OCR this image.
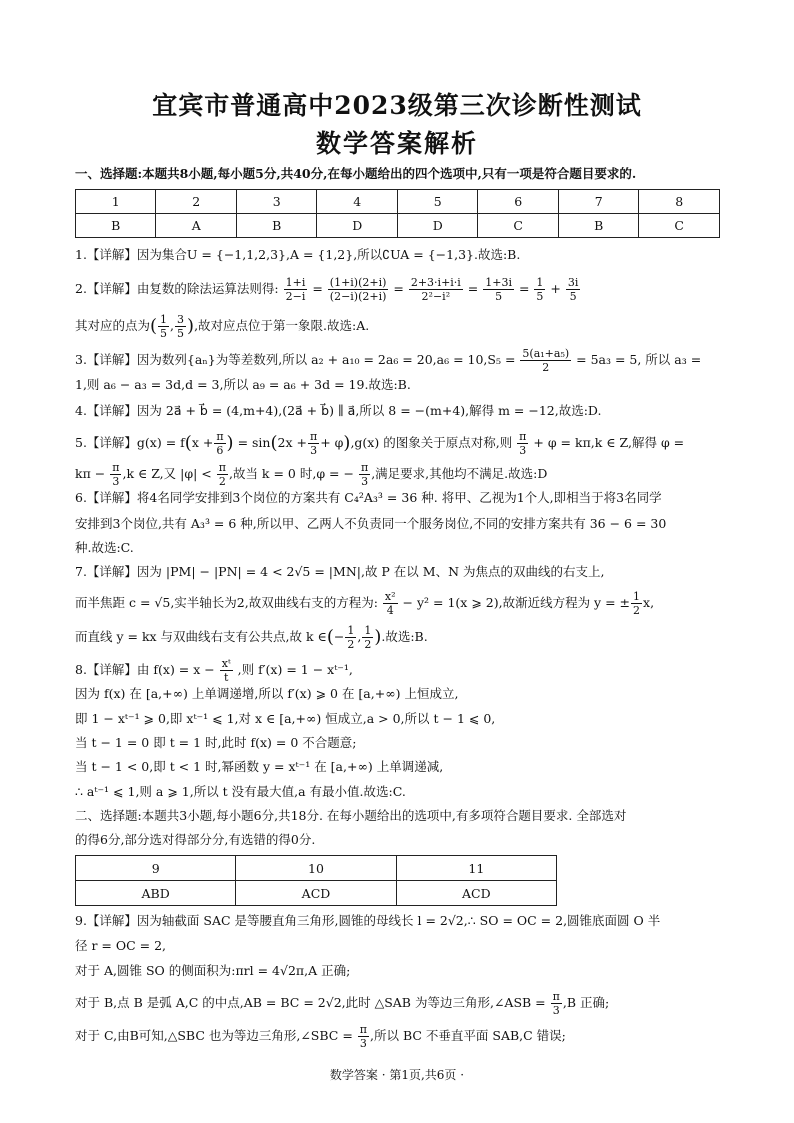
宜宾市普通高中2023级第三次诊断性测试
数学答案解析
一、选择题:本题共8小题,每小题5分,共40分,在每小题给出的四个选项中,只有一项是符合题目要求的.
1	2	3	4	5	6	7	8
B	A	B	D	D	C	B	C
1.【详解】因为集合U = {−1,1,2,3},A = {1,2},所以∁UA = {−1,3}.故选:B.
2.【详解】由复数的除法运算法则得: $\frac{1+i}{2-i} = \frac{(1+i)(2+i)}{(2-i)(2+i)} = \frac{2+3\cdot i+i\cdot i}{\text{2²−i²}} = \frac{1+3i}{5} = \frac{1}{5} + \frac{3i}{5}$
其对应的点为( $\frac{1}{5}$ , $\frac{3}{5}$ ),故对应点位于第一象限.故选:A.
3.【详解】因为数列{aₙ}为等差数列,所以 $a_2 + a_{10} = 2a_6 = 20,a_6 = 10,S_5 = \frac{\text{5(a₁+a₅)}}{2} = 5a_3 = 5$, 所以 a₃ =
1,则 a₆ − a₃ = 3d,d = 3,所以 a₉ = a₆ + 3d = 19.故选:B.
4.【详解】因为 2a⃗ + b⃗ = (4,m+4),(2a⃗ + b⃗) ∥ a⃗,所以 8 = −(m+4),解得 m = −12,故选:D.
5.【详解】$g(x) = f(x + \frac{\pi}{6}$ ) = $\sin(2x + \frac{\pi}{3} + \varphi),g(x)$ 的图象关于原点对称,则 $\frac{\pi}{3} + \varphi = k\pi,k$ ∈ Z,解得 φ =
$k\pi - \frac{\pi}{3} ,k$ ∈ Z,又 $|\varphi| < \frac{\pi}{2}$ ,故当 k = 0 时,φ = − $\frac{\pi}{3}$ ,满足要求,其他均不满足.故选:D
6.【详解】将4名同学安排到3个岗位的方案共有 C₄²A₃³ = 36 种. 将甲、乙视为1个人,即相当于将3名同学
安排到3个岗位,共有 A₃³ = 6 种,所以甲、乙两人不负责同一个服务岗位,不同的安排方案共有 36 − 6 = 30
种.故选:C.
7.【详解】因为 |PM| − |PN| = 4 < 2√5 = |MN|,故 P 在以 M、N 为焦点的双曲线的右支上,
而半焦距 c = √5,实半轴长为2,故双曲线右支的方程为: $\frac{\text{x²}}{4} - y^2 = 1(x$ ⩾ 2),故渐近线方程为 y = ± $\frac{1}{2} x$,
而直线 y = kx 与双曲线右支有公共点,故 k ∈(− $\frac{1}{2}$ , $\frac{1}{2}$ ).故选:B.
8.【详解】由 $f(x) = x - \frac{\text{xᵗ}}{t}$ ,则 f′(x) = 1 − xᵗ⁻¹,
因为 f(x) 在 [a,+∞) 上单调递增,所以 f′(x) ⩾ 0 在 [a,+∞) 上恒成立,
即 1 − xᵗ⁻¹ ⩾ 0,即 xᵗ⁻¹ ⩽ 1,对 x ∈ [a,+∞) 恒成立,a > 0,所以 t − 1 ⩽ 0,
当 t − 1 = 0 即 t = 1 时,此时 f(x) = 0 不合题意;
当 t − 1 < 0,即 t < 1 时,幂函数 y = xᵗ⁻¹ 在 [a,+∞) 上单调递减,
∴ aᵗ⁻¹ ⩽ 1,则 a ⩾ 1,所以 t 没有最大值,a 有最小值.故选:C.
二、选择题:本题共3小题,每小题6分,共18分. 在每小题给出的选项中,有多项符合题目要求. 全部选对
的得6分,部分选对得部分分,有选错的得0分.
9	10	11
ABD	ACD	ACD
9.【详解】因为轴截面 SAC 是等腰直角三角形,圆锥的母线长 l = 2√2,∴ SO = OC = 2,圆锥底面圆 O 半
径 r = OC = 2,
对于 A,圆锥 SO 的侧面积为:πrl = 4√2π,A 正确;
对于 B,点 B 是弧 A,C 的中点,AB = BC = 2√2,此时 △SAB 为等边三角形,∠ASB = $\frac{\pi}{3} ,B$ 正确;
对于 C,由B可知,△SBC 也为等边三角形,∠SBC = $\frac{\pi}{3}$ ,所以 BC 不垂直平面 SAB,C 错误;
数学答案 · 第1页,共6页 ·
